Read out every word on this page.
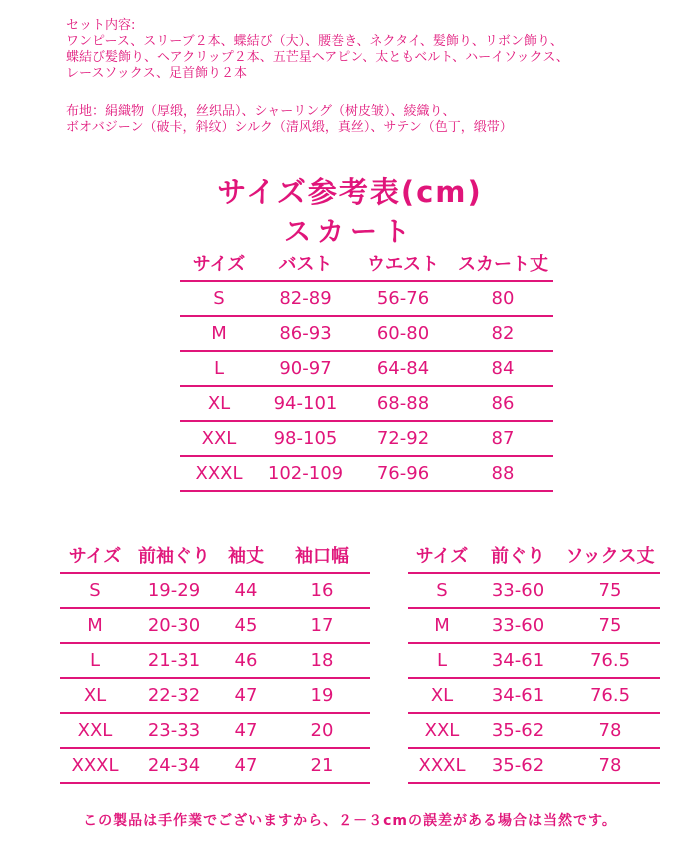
セット内容:
ワンピース、スリーブ２本、蝶結び（大）、腰巻き、ネクタイ、髪飾り、リボン飾り、
蝶結び髪飾り、ヘアクリップ２本、五芒星ヘアピン、太ともベルト、ハーイソックス、
レースソックス、足首飾り２本
布地：絹織物（厚缎，丝织品）、シャーリング（树皮皱）、綾織り、
ボオバジーン（破卡，斜纹）シルク（清风缎，真丝）、サテン（色丁，缎带）
サイズ参考表(cm)
スカート
サイズ	バスト	ウエスト	スカート丈
S	82-89	56-76	80
M	86-93	60-80	82
L	90-97	64-84	84
XL	94-101	68-88	86
XXL	98-105	72-92	87
XXXL	102-109	76-96	88
サイズ	前袖ぐり	袖丈	袖口幅
S	19-29	44	16
M	20-30	45	17
L	21-31	46	18
XL	22-32	47	19
XXL	23-33	47	20
XXXL	24-34	47	21
サイズ	前ぐり	ソックス丈
S	33-60	75
M	33-60	75
L	34-61	76.5
XL	34-61	76.5
XXL	35-62	78
XXXL	35-62	78
この製品は手作業でございますから、２－３cmの誤差がある場合は当然です。
